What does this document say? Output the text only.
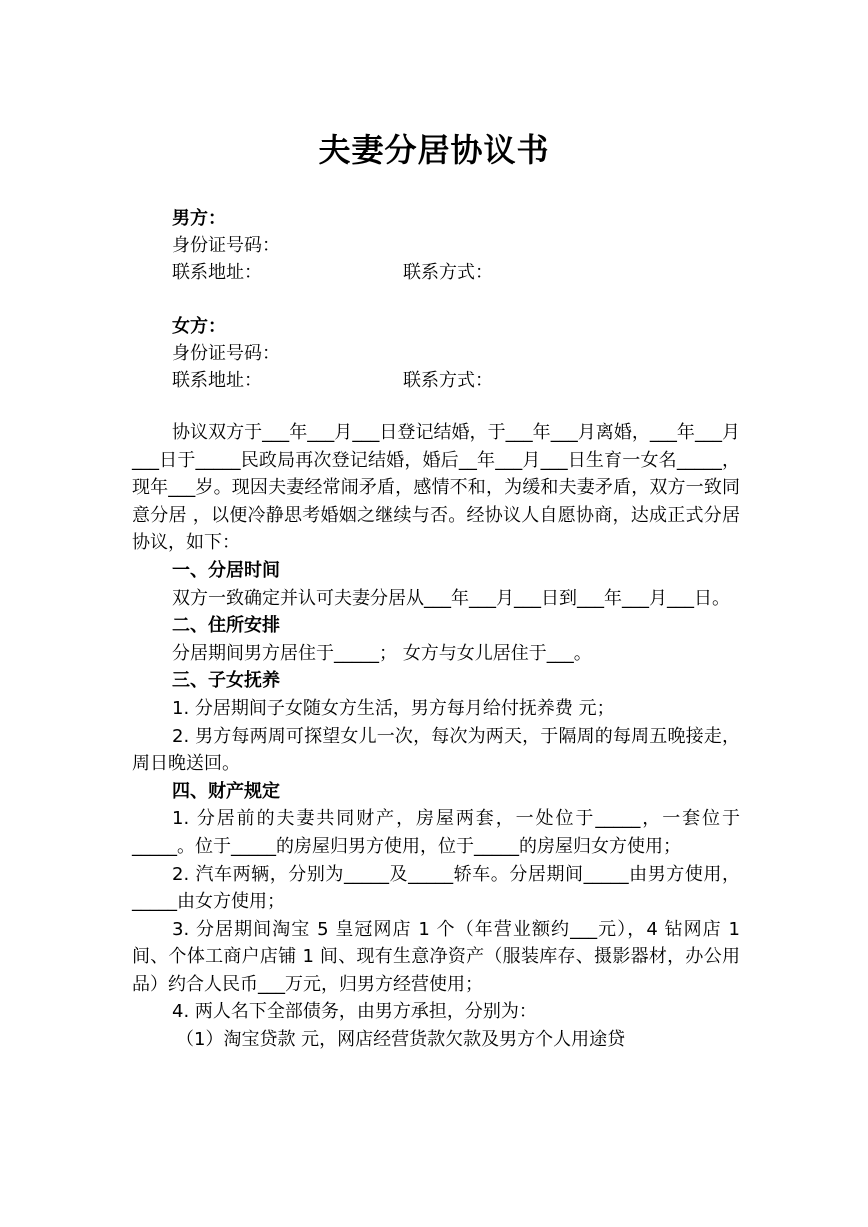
夫妻分居协议书
男方：
身份证号码：
联系地址：	联系方式：
女方：
身份证号码：
联系地址：	联系方式：

协议双方于___年___月___日登记结婚，于___年___月离婚，___年___月___日于_____民政局再次登记结婚，婚后__年___月___日生育一女名_____，现年___岁。现因夫妻经常闹矛盾，感情不和，为缓和夫妻矛盾，双方一致同意分居 ，以便冷静思考婚姻之继续与否。经协议人自愿协商，达成正式分居协议，如下：

一、分居时间

双方一致确定并认可夫妻分居从___年___月___日到___年___月___日。

二、住所安排

分居期间男方居住于_____； 女方与女儿居住于___。

三、子女抚养

1. 分居期间子女随女方生活，男方每月给付抚养费 元；

2. 男方每两周可探望女儿一次，每次为两天，于隔周的每周五晚接走，周日晚送回。

四、财产规定

1. 分居前的夫妻共同财产，房屋两套，一处位于_____，一套位于_____。位于_____的房屋归男方使用，位于_____的房屋归女方使用；

2. 汽车两辆，分别为_____及_____轿车。分居期间_____由男方使用，_____由女方使用；

3. 分居期间淘宝 5 皇冠网店 1 个（年营业额约___元），4 钻网店 1 间、个体工商户店铺 1 间、现有生意净资产（服装库存、摄影器材，办公用品）约合人民币___万元，归男方经营使用；

4. 两人名下全部债务，由男方承担，分别为：

（1）淘宝贷款 元，网店经营货款欠款及男方个人用途贷
